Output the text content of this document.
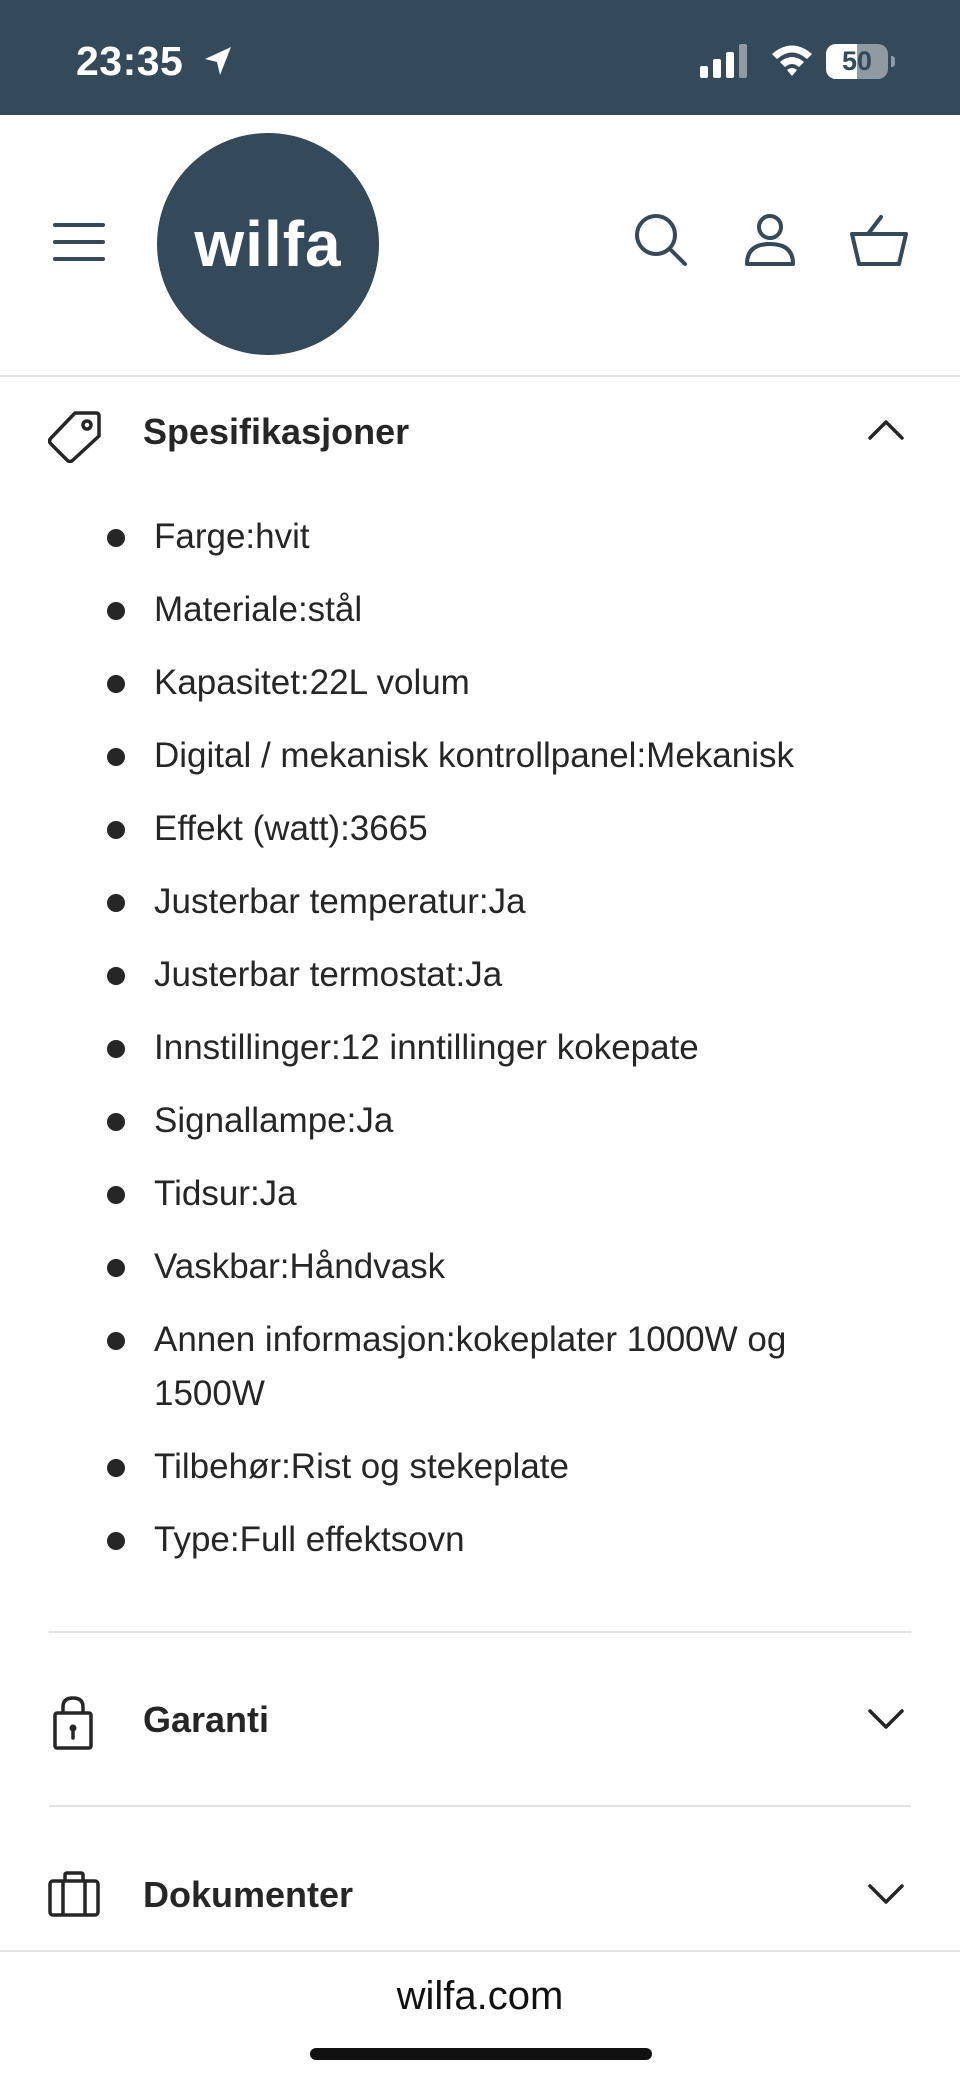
23:35	50
wilfa
Spesifikasjoner
Farge:hvit
Materiale:stål
Kapasitet:22L volum
Digital / mekanisk kontrollpanel:Mekanisk
Effekt (watt):3665
Justerbar temperatur:Ja
Justerbar termostat:Ja
Innstillinger:12 inntillinger kokepate
Signallampe:Ja
Tidsur:Ja
Vaskbar:Håndvask
Annen informasjon:kokeplater 1000W og 1500W
Tilbehør:Rist og stekeplate
Type:Full effektsovn
Garanti
Dokumenter
wilfa.com
